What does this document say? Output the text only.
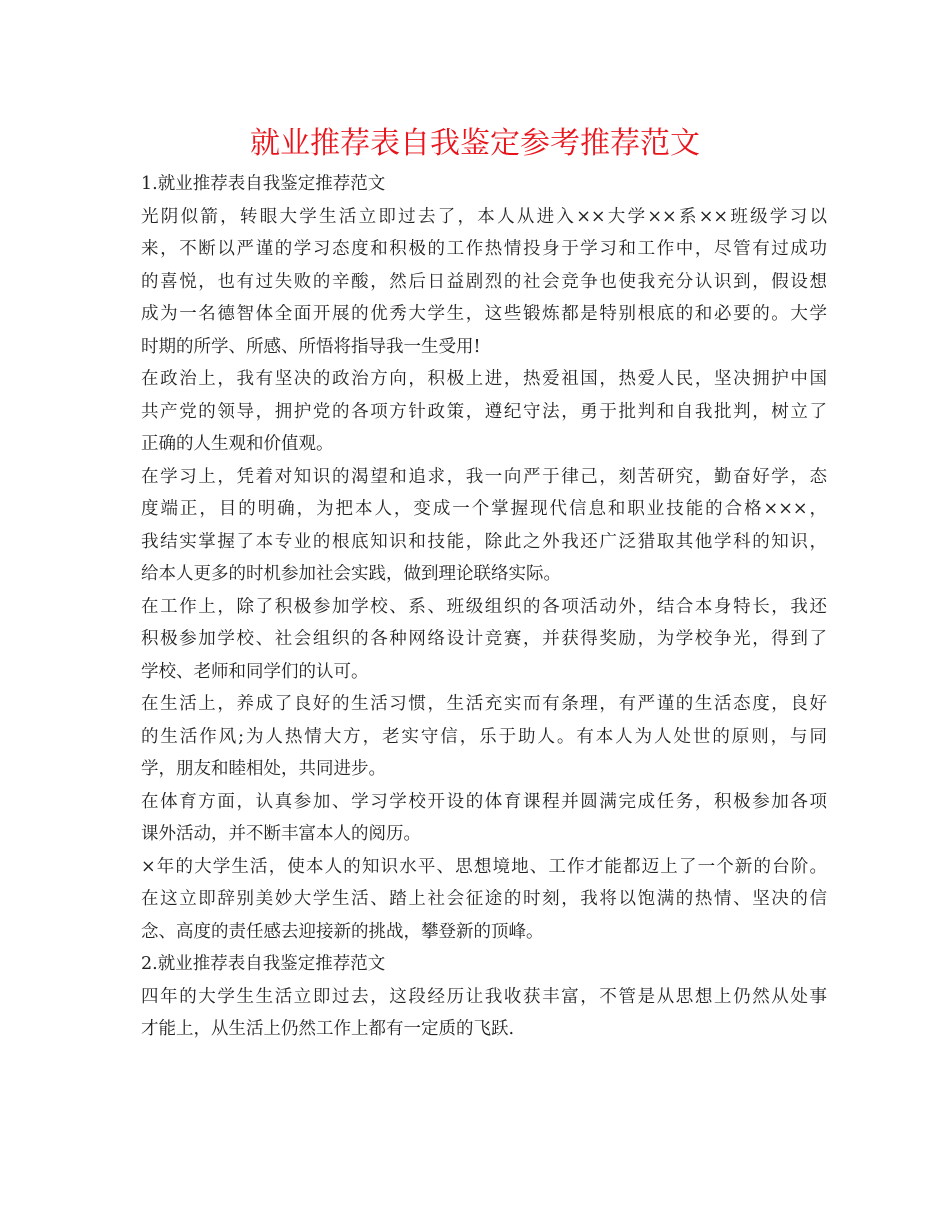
就业推荐表自我鉴定参考推荐范文
1.就业推荐表自我鉴定推荐范文
光阴似箭，转眼大学生活立即过去了，本人从进入××大学××系××班级学习以
来，不断以严谨的学习态度和积极的工作热情投身于学习和工作中，尽管有过成功
的喜悦，也有过失败的辛酸，然后日益剧烈的社会竞争也使我充分认识到，假设想
成为一名德智体全面开展的优秀大学生，这些锻炼都是特别根底的和必要的。大学
时期的所学、所感、所悟将指导我一生受用!
在政治上，我有坚决的政治方向，积极上进，热爱祖国，热爱人民，坚决拥护中国
共产党的领导，拥护党的各项方针政策，遵纪守法，勇于批判和自我批判，树立了
正确的人生观和价值观。
在学习上，凭着对知识的渴望和追求，我一向严于律己，刻苦研究，勤奋好学，态
度端正，目的明确，为把本人，变成一个掌握现代信息和职业技能的合格×××，
我结实掌握了本专业的根底知识和技能，除此之外我还广泛猎取其他学科的知识，
给本人更多的时机参加社会实践，做到理论联络实际。
在工作上，除了积极参加学校、系、班级组织的各项活动外，结合本身特长，我还
积极参加学校、社会组织的各种网络设计竞赛，并获得奖励，为学校争光，得到了
学校、老师和同学们的认可。
在生活上，养成了良好的生活习惯，生活充实而有条理，有严谨的生活态度，良好
的生活作风;为人热情大方，老实守信，乐于助人。有本人为人处世的原则，与同
学，朋友和睦相处，共同进步。
在体育方面，认真参加、学习学校开设的体育课程并圆满完成任务，积极参加各项
课外活动，并不断丰富本人的阅历。
×年的大学生活，使本人的知识水平、思想境地、工作才能都迈上了一个新的台阶。
在这立即辞别美妙大学生活、踏上社会征途的时刻，我将以饱满的热情、坚决的信
念、高度的责任感去迎接新的挑战，攀登新的顶峰。
2.就业推荐表自我鉴定推荐范文
四年的大学生生活立即过去，这段经历让我收获丰富，不管是从思想上仍然从处事
才能上，从生活上仍然工作上都有一定质的飞跃.
